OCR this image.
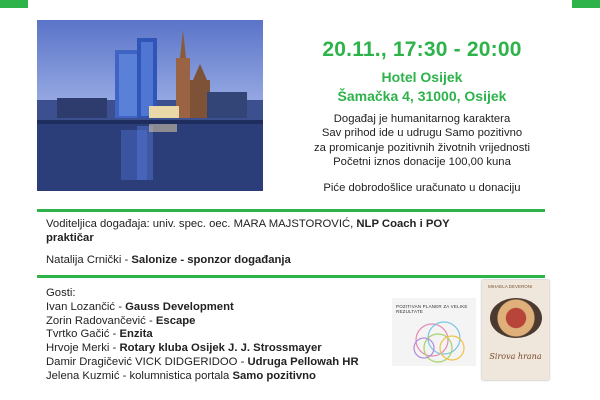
20.11., 17:30 - 20:00
Hotel Osijek
Šamačka 4, 31000, Osijek
Događaj je humanitarnog karaktera
Sav prihod ide u udrugu Samo pozitivno
za promicanje pozitivnih životnih vrijednosti
Početni iznos donacije 100,00 kuna
Piće dobrodošlice uračunato u donaciju
Voditeljica događaja: univ. spec. oec. MARA MAJSTOROVIĆ, NLP Coach i POY praktičar
Natalija Crnički - Salonize - sponzor događanja
Gosti:
Ivan Lozančić - Gauss Development
Zorin Radovančević - Escape
Tvrtko Gačić - Enzita
Hrvoje Merki - Rotary kluba Osijek J. J. Strossmayer
Damir Dragičević VICK DIDGERIDOO - Udruga Pellowah HR
Jelena Kuzmić - kolumnistica portala Samo pozitivno
POZITIVAN PLANER ZA VELIKE REZULTATE
MIHAELA DEVERONI
Sirova hrana
